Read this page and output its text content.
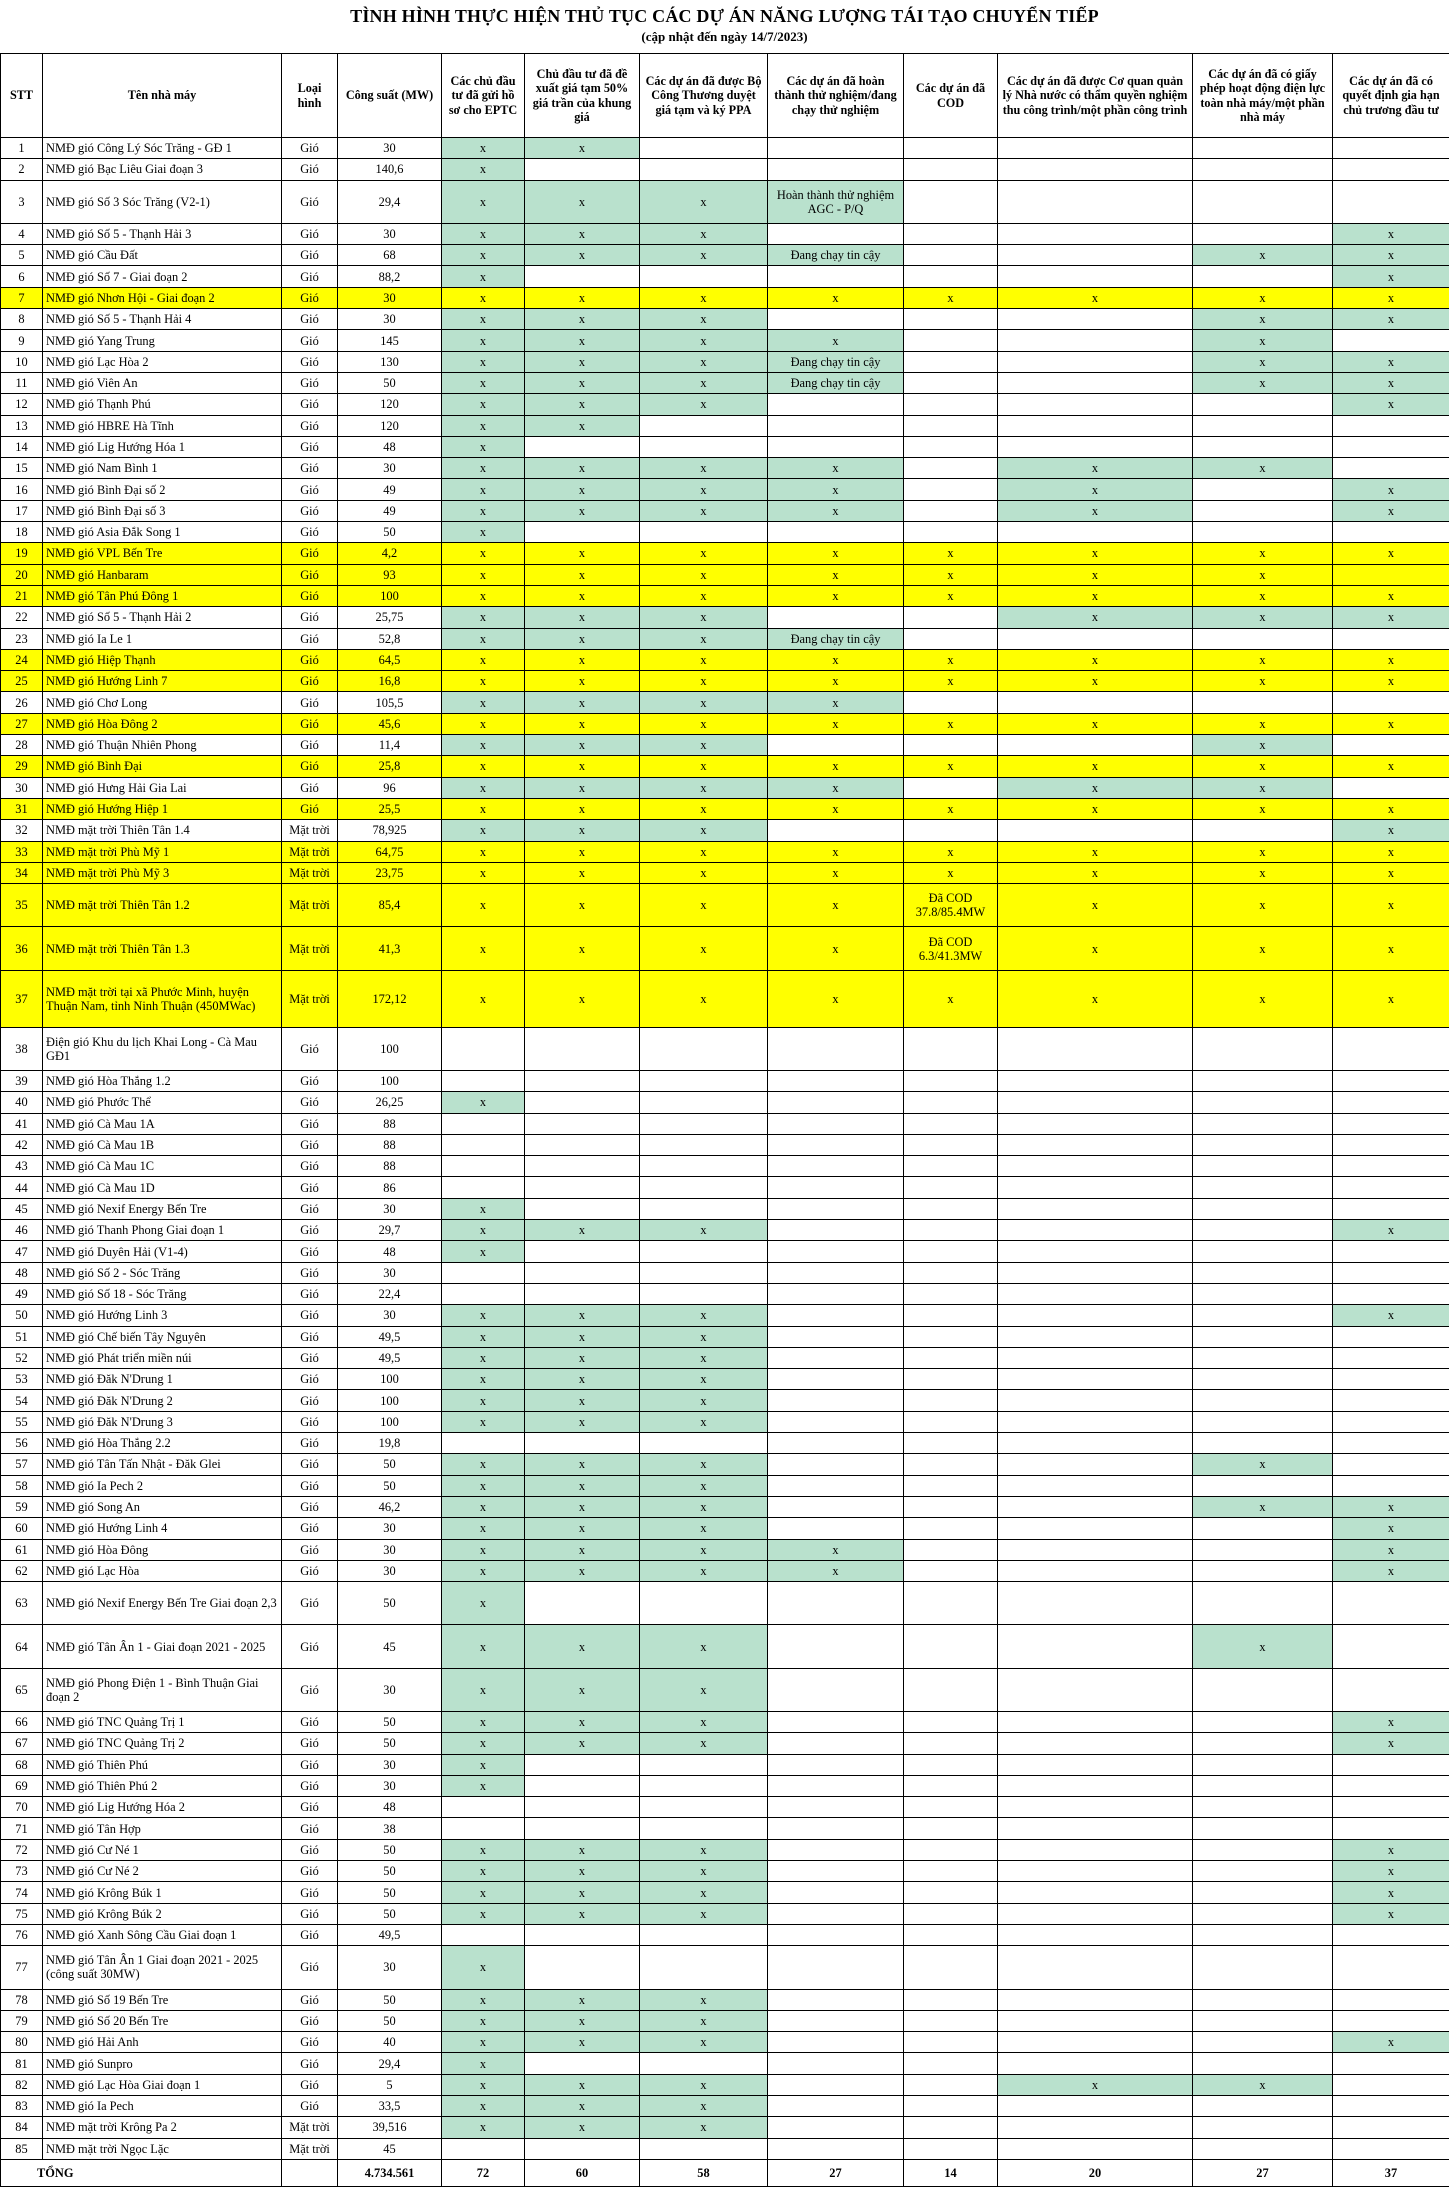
TÌNH HÌNH THỰC HIỆN THỦ TỤC CÁC DỰ ÁN NĂNG LƯỢNG TÁI TẠO CHUYỂN TIẾP
(cập nhật đến ngày 14/7/2023)
STT	Tên nhà máy	Loại hình	Công suất (MW)	Các chủ đầu tư đã gửi hồ sơ cho EPTC	Chủ đầu tư đã đề xuất giá tạm 50% giá trần của khung giá	Các dự án đã được Bộ Công Thương duyệt giá tạm và ký PPA	Các dự án đã hoàn thành thử nghiệm/đang chạy thử nghiệm	Các dự án đã COD	Các dự án đã được Cơ quan quản lý Nhà nước có thẩm quyền nghiệm thu công trình/một phần công trình	Các dự án đã có giấy phép hoạt động điện lực toàn nhà máy/một phần nhà máy	Các dự án đã có quyết định gia hạn chủ trương đầu tư
1	NMĐ gió Công Lý Sóc Trăng - GĐ 1	Gió	30	x	x						
2	NMĐ gió Bạc Liêu Giai đoạn 3	Gió	140,6	x							
3	NMĐ gió Số 3 Sóc Trăng (V2-1)	Gió	29,4	x	x	x	Hoàn thành thử nghiệm AGC - P/Q				
4	NMĐ gió Số 5 - Thạnh Hải 3	Gió	30	x	x	x					x
5	NMĐ gió Cầu Đất	Gió	68	x	x	x	Đang chạy tin cậy			x	x
6	NMĐ gió Số 7 - Giai đoạn 2	Gió	88,2	x							x
7	NMĐ gió Nhơn Hội - Giai đoạn 2	Gió	30	x	x	x	x	x	x	x	x
8	NMĐ gió Số 5 - Thạnh Hải 4	Gió	30	x	x	x				x	x
9	NMĐ gió Yang Trung	Gió	145	x	x	x	x			x	
10	NMĐ gió Lạc Hòa 2	Gió	130	x	x	x	Đang chạy tin cậy			x	x
11	NMĐ gió Viên An	Gió	50	x	x	x	Đang chạy tin cậy			x	x
12	NMĐ gió Thạnh Phú	Gió	120	x	x	x					x
13	NMĐ gió HBRE Hà Tĩnh	Gió	120	x	x						
14	NMĐ gió Lig Hướng Hóa 1	Gió	48	x							
15	NMĐ gió Nam Bình 1	Gió	30	x	x	x	x		x	x	
16	NMĐ gió Bình Đại số 2	Gió	49	x	x	x	x		x		x
17	NMĐ gió Bình Đại số 3	Gió	49	x	x	x	x		x		x
18	NMĐ gió Asia Đắk Song 1	Gió	50	x							
19	NMĐ gió VPL Bến Tre	Gió	4,2	x	x	x	x	x	x	x	x
20	NMĐ gió Hanbaram	Gió	93	x	x	x	x	x	x	x	
21	NMĐ gió Tân Phú Đông 1	Gió	100	x	x	x	x	x	x	x	x
22	NMĐ gió Số 5 - Thạnh Hải 2	Gió	25,75	x	x	x			x	x	x
23	NMĐ gió Ia Le 1	Gió	52,8	x	x	x	Đang chạy tin cậy				
24	NMĐ gió Hiệp Thạnh	Gió	64,5	x	x	x	x	x	x	x	x
25	NMĐ gió Hướng Linh 7	Gió	16,8	x	x	x	x	x	x	x	x
26	NMĐ gió Chơ Long	Gió	105,5	x	x	x	x				
27	NMĐ gió Hòa Đông 2	Gió	45,6	x	x	x	x	x	x	x	x
28	NMĐ gió Thuận Nhiên Phong	Gió	11,4	x	x	x				x	
29	NMĐ gió Bình Đại	Gió	25,8	x	x	x	x	x	x	x	x
30	NMĐ gió Hưng Hải Gia Lai	Gió	96	x	x	x	x		x	x	
31	NMĐ gió Hướng Hiệp 1	Gió	25,5	x	x	x	x	x	x	x	x
32	NMĐ mặt trời Thiên Tân 1.4	Mặt trời	78,925	x	x	x					x
33	NMĐ mặt trời Phù Mỹ 1	Mặt trời	64,75	x	x	x	x	x	x	x	x
34	NMĐ mặt trời Phù Mỹ 3	Mặt trời	23,75	x	x	x	x	x	x	x	x
35	NMĐ mặt trời Thiên Tân 1.2	Mặt trời	85,4	x	x	x	x	Đã COD 37.8/85.4MW	x	x	x
36	NMĐ mặt trời Thiên Tân 1.3	Mặt trời	41,3	x	x	x	x	Đã COD 6.3/41.3MW	x	x	x
37	NMĐ mặt trời tại xã Phước Minh, huyện Thuận Nam, tỉnh Ninh Thuận (450MWac)	Mặt trời	172,12	x	x	x	x	x	x	x	x
38	Điện gió Khu du lịch Khai Long - Cà Mau GĐ1	Gió	100								
39	NMĐ gió Hòa Thắng 1.2	Gió	100								
40	NMĐ gió Phước Thể	Gió	26,25	x							
41	NMĐ gió Cà Mau 1A	Gió	88								
42	NMĐ gió Cà Mau 1B	Gió	88								
43	NMĐ gió Cà Mau 1C	Gió	88								
44	NMĐ gió Cà Mau 1D	Gió	86								
45	NMĐ gió Nexif Energy Bến Tre	Gió	30	x							
46	NMĐ gió Thanh Phong Giai đoạn 1	Gió	29,7	x	x	x					x
47	NMĐ gió Duyên Hải (V1-4)	Gió	48	x							
48	NMĐ gió Số 2 - Sóc Trăng	Gió	30								
49	NMĐ gió Số 18 - Sóc Trăng	Gió	22,4								
50	NMĐ gió Hướng Linh 3	Gió	30	x	x	x					x
51	NMĐ gió Chế biến Tây Nguyên	Gió	49,5	x	x	x					
52	NMĐ gió Phát triển miền núi	Gió	49,5	x	x	x					
53	NMĐ gió Đăk N'Drung 1	Gió	100	x	x	x					
54	NMĐ gió Đăk N'Drung 2	Gió	100	x	x	x					
55	NMĐ gió Đăk N'Drung 3	Gió	100	x	x	x					
56	NMĐ gió Hòa Thắng 2.2	Gió	19,8								
57	NMĐ gió Tân Tấn Nhật - Đăk Glei	Gió	50	x	x	x				x	
58	NMĐ gió Ia Pech 2	Gió	50	x	x	x					
59	NMĐ gió Song An	Gió	46,2	x	x	x				x	x
60	NMĐ gió Hướng Linh 4	Gió	30	x	x	x					x
61	NMĐ gió Hòa Đông	Gió	30	x	x	x	x				x
62	NMĐ gió Lạc Hòa	Gió	30	x	x	x	x				x
63	NMĐ gió Nexif Energy Bến Tre Giai đoạn 2,3	Gió	50	x							
64	NMĐ gió Tân Ân 1 - Giai đoạn 2021 - 2025	Gió	45	x	x	x				x	
65	NMĐ gió Phong Điện 1 - Bình Thuận Giai đoạn 2	Gió	30	x	x	x					
66	NMĐ gió TNC Quảng Trị 1	Gió	50	x	x	x					x
67	NMĐ gió TNC Quảng Trị 2	Gió	50	x	x	x					x
68	NMĐ gió Thiên Phú	Gió	30	x							
69	NMĐ gió Thiên Phú 2	Gió	30	x							
70	NMĐ gió Lig Hướng Hóa 2	Gió	48								
71	NMĐ gió Tân Hợp	Gió	38								
72	NMĐ gió Cư Né 1	Gió	50	x	x	x					x
73	NMĐ gió Cư Né 2	Gió	50	x	x	x					x
74	NMĐ gió Krông Búk 1	Gió	50	x	x	x					x
75	NMĐ gió Krông Búk 2	Gió	50	x	x	x					x
76	NMĐ gió Xanh Sông Cầu Giai đoạn 1	Gió	49,5								
77	NMĐ gió Tân Ân 1 Giai đoạn 2021 - 2025 (công suất 30MW)	Gió	30	x							
78	NMĐ gió Số 19 Bến Tre	Gió	50	x	x	x					
79	NMĐ gió Số 20 Bến Tre	Gió	50	x	x	x					
80	NMĐ gió Hải Anh	Gió	40	x	x	x					x
81	NMĐ gió Sunpro	Gió	29,4	x							
82	NMĐ gió Lạc Hòa Giai đoạn 1	Gió	5	x	x	x			x	x	
83	NMĐ gió Ia Pech	Gió	33,5	x	x	x					
84	NMĐ mặt trời Krông Pa 2	Mặt trời	39,516	x	x	x					
85	NMĐ mặt trời Ngọc Lặc	Mặt trời	45								
TỔNG			4.734.561	72	60	58	27	14	20	27	37
